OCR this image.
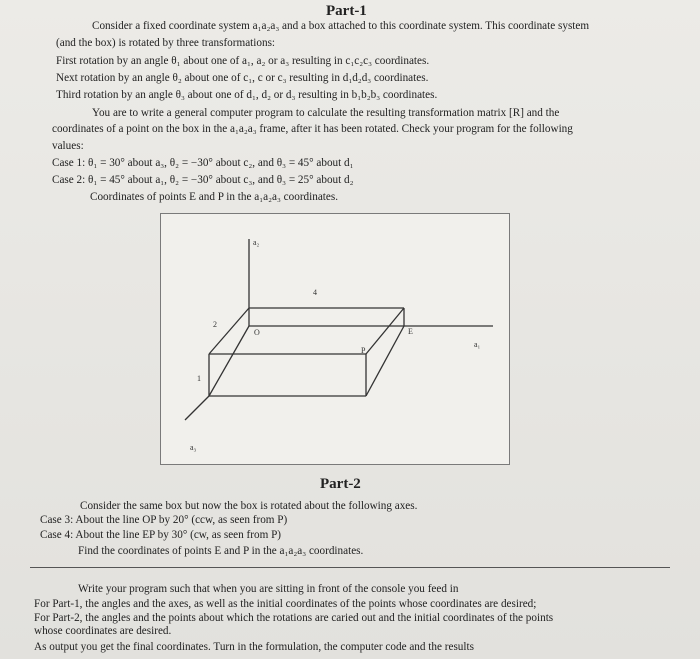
Part-1
Consider a fixed coordinate system a₁a₂a₃ and a box attached to this coordinate system. This coordinate system
(and the box) is rotated by three transformations:
First rotation by an angle θ₁ about one of a₁, a₂ or a₃ resulting in c₁c₂c₃ coordinates.
Next rotation by an angle θ₂ about one of c₁, c or c₃ resulting in d₁d₂d₃ coordinates.
Third rotation by an angle θ₃ about one of d₁, d₂ or d₃ resulting in b₁b₂b₃ coordinates.
You are to write a general computer program to calculate the resulting transformation matrix [R] and the
coordinates of a point on the box in the a₁a₂a₃ frame, after it has been rotated. Check your program for the following
values:
Case 1: θ₁ = 30° about a₃, θ₂ = −30° about c₂, and θ₃ = 45° about d₁
Case 2: θ₁ = 45° about a₁, θ₂ = −30° about c₃, and θ₃ = 25° about d₂
Coordinates of points E and P in the a₁a₂a₃ coordinates.
a₂
4
2
O	E
a₁
P
1
a₃
Part-2
Consider the same box but now the box is rotated about the following axes.
Case 3: About the line OP by 20° (ccw, as seen from P)
Case 4: About the line EP by 30° (cw, as seen from P)
Find the coordinates of points E and P in the a₁a₂a₃ coordinates.
Write your program such that when you are sitting in front of the console you feed in
For Part-1, the angles and the axes, as well as the initial coordinates of the points whose coordinates are desired;
For Part-2, the angles and the points about which the rotations are caried out and the initial coordinates of the points
whose coordinates are desired.
As output you get the final coordinates. Turn in the formulation, the computer code and the results
